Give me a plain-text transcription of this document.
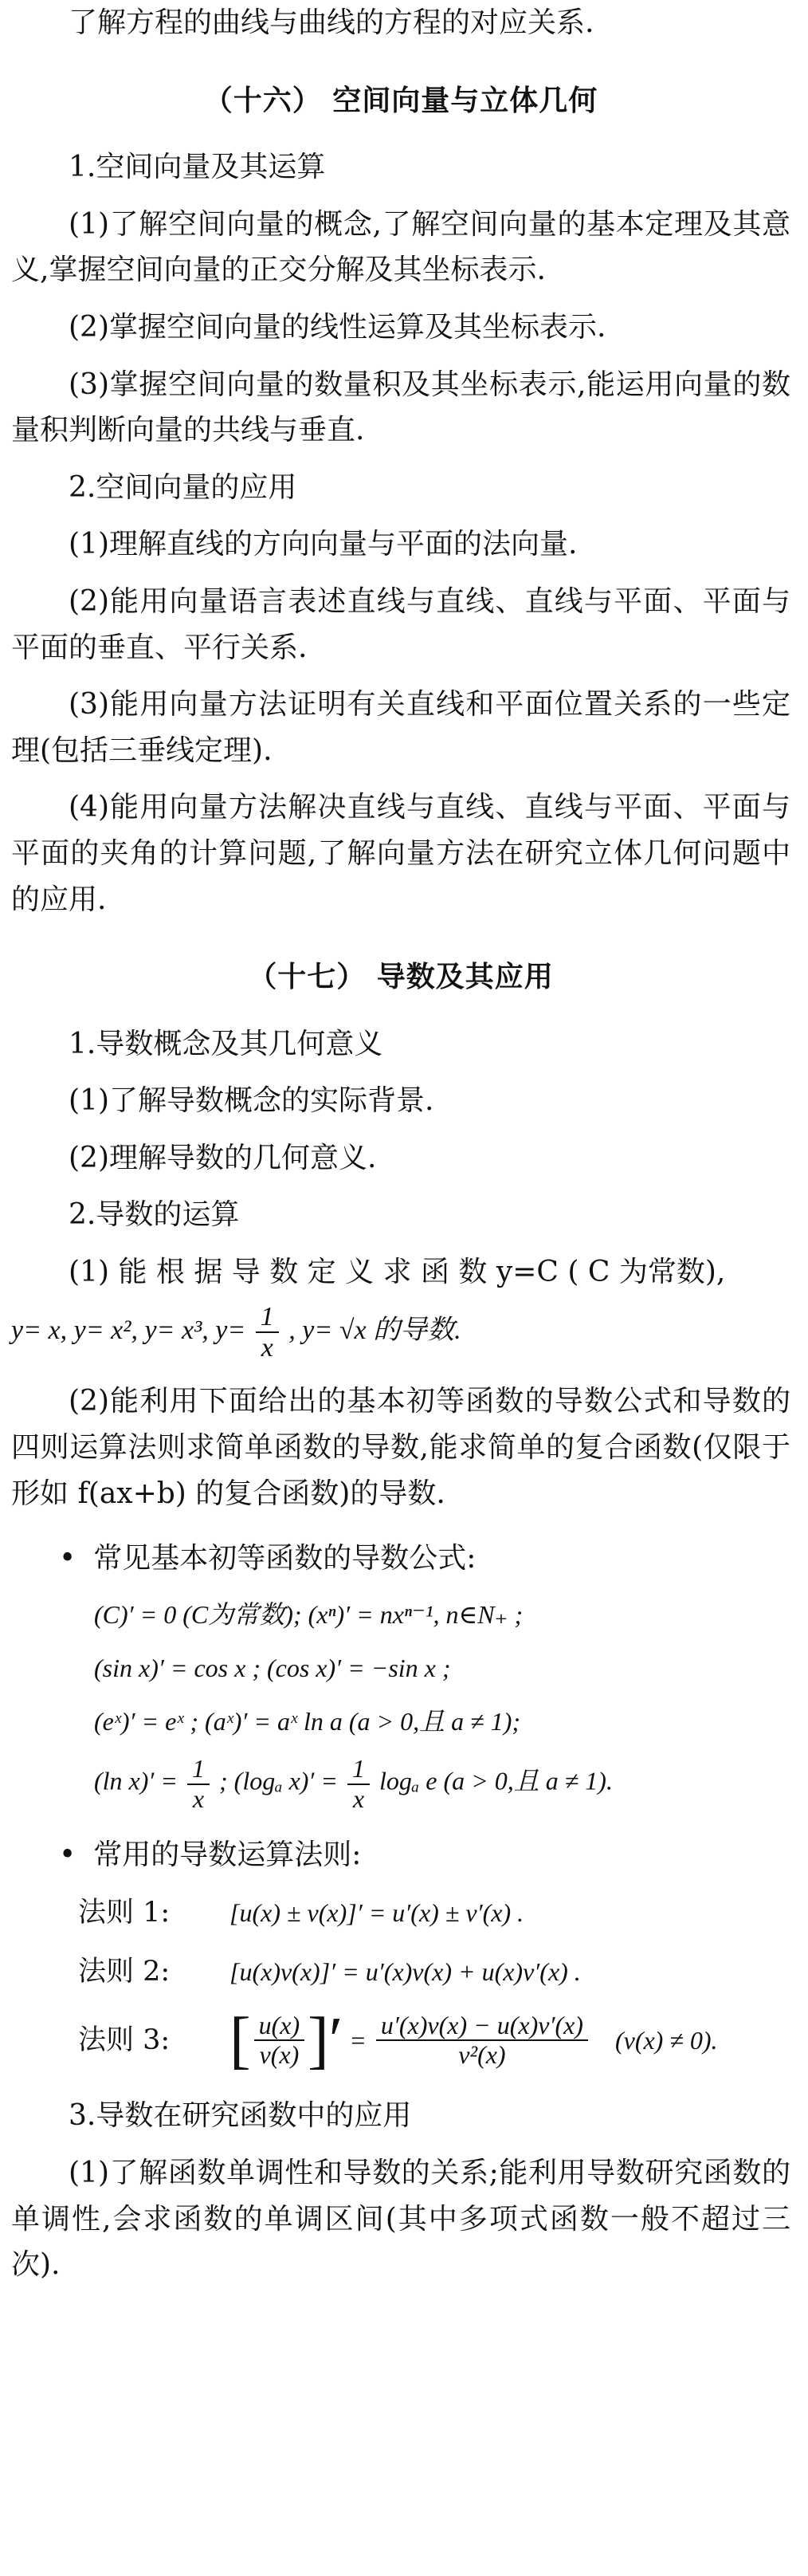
了解方程的曲线与曲线的方程的对应关系.

（十六） 空间向量与立体几何

1.空间向量及其运算

(1)了解空间向量的概念,了解空间向量的基本定理及其意义,掌握空间向量的正交分解及其坐标表示.

(2)掌握空间向量的线性运算及其坐标表示.

(3)掌握空间向量的数量积及其坐标表示,能运用向量的数量积判断向量的共线与垂直.

2.空间向量的应用

(1)理解直线的方向向量与平面的法向量.

(2)能用向量语言表述直线与直线、直线与平面、平面与平面的垂直、平行关系.

(3)能用向量方法证明有关直线和平面位置关系的一些定理(包括三垂线定理).

(4)能用向量方法解决直线与直线、直线与平面、平面与平面的夹角的计算问题,了解向量方法在研究立体几何问题中的应用.

（十七） 导数及其应用

1.导数概念及其几何意义

(1)了解导数概念的实际背景.

(2)理解导数的几何意义.

2.导数的运算

(1) 能 根 据 导 数 定 义 求 函 数 y=C ( C 为常数),

y= x, y= x², y= x³, $y= \frac{1}{x}$ , y= √x 的导数.

(2)能利用下面给出的基本初等函数的导数公式和导数的四则运算法则求简单函数的导数,能求简单的复合函数(仅限于形如 f(ax+b) 的复合函数)的导数.

• 常见基本初等函数的导数公式:

(C)′ = 0 (C为常数); (xⁿ)′ = nxⁿ⁻¹, n∈N₊ ;

(sin x)′ = cos x ; (cos x)′ = −sin x ;

(eˣ)′ = eˣ ; (aˣ)′ = aˣ ln a (a > 0,且 a ≠ 1);

(ln $x)' = \frac{1}{x}$ ; (logₐ $x)' = \frac{1}{x}$ logₐ e (a > 0,且 a ≠ 1).

• 常用的导数运算法则:

法则 1:	[u(x) ± v(x)]′ = u′(x) ± v′(x) .

法则 2:	[u(x)v(x)]′ = u′(x)v(x) + u(x)v′(x) .

法则 3: [ $\frac{u(x)}{v(x)}$ ]′ = $\frac{u'(x)v(x) - u(x)v'(x)}{\text{v²(x)}} (v(x) \ne 0)$.

3.导数在研究函数中的应用

(1)了解函数单调性和导数的关系;能利用导数研究函数的单调性,会求函数的单调区间(其中多项式函数一般不超过三次).
